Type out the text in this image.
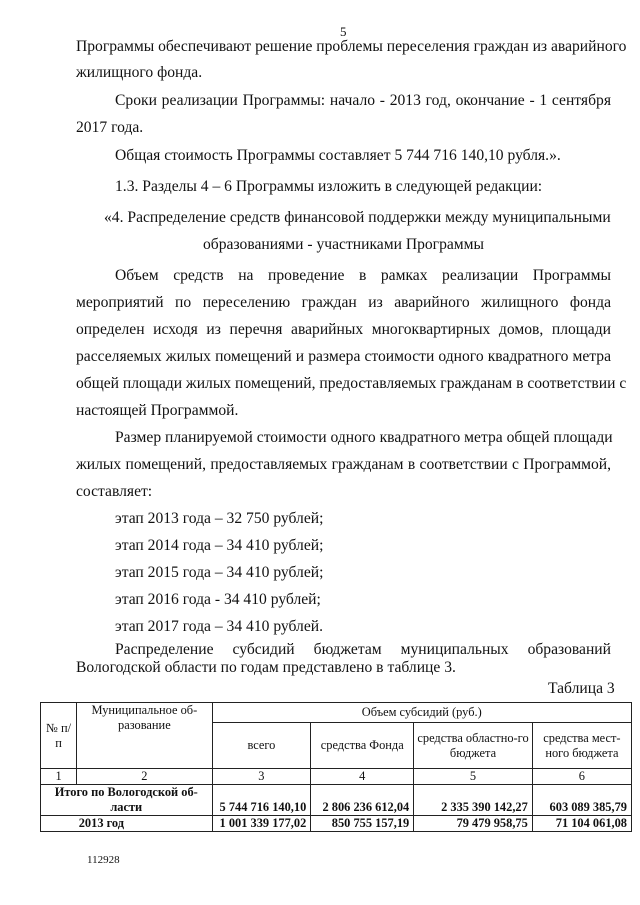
5
Программы обеспечивают решение проблемы переселения граждан из аварийного
жилищного фонда.
Сроки реализации Программы: начало - 2013 год, окончание - 1 сентября
2017 года.
Общая стоимость Программы составляет 5 744 716 140,10 рубля.».
1.3. Разделы 4 – 6 Программы изложить в следующей редакции:
«4. Распределение средств финансовой поддержки между муниципальными
образованиями - участниками Программы
Объем средств на проведение в рамках реализации Программы
мероприятий по переселению граждан из аварийного жилищного фонда
определен исходя из перечня аварийных многоквартирных домов, площади
расселяемых жилых помещений и размера стоимости одного квадратного метра
общей площади жилых помещений, предоставляемых гражданам в соответствии с
настоящей Программой.
Размер планируемой стоимости одного квадратного метра общей площади
жилых помещений, предоставляемых гражданам в соответствии с Программой,
составляет:
этап 2013 года – 32 750 рублей;
этап 2014 года – 34 410 рублей;
этап 2015 года – 34 410 рублей;
этап 2016 года - 34 410 рублей;
этап 2017 года – 34 410 рублей.
Распределение субсидий бюджетам муниципальных образований
Вологодской области по годам представлено в таблице 3.
Таблица 3
№ п/п	Муниципальное об-разование	Объем субсидий (руб.)			
		всего	средства Фонда	средства областно-го бюджета	средства мест-ного бюджета
1	2	3	4	5	6
Итого по Вологодской об-ласти		5 744 716 140,10	2 806 236 612,04	2 335 390 142,27	603 089 385,79
	2013 год	1 001 339 177,02	850 755 157,19	79 479 958,75	71 104 061,08
112928
